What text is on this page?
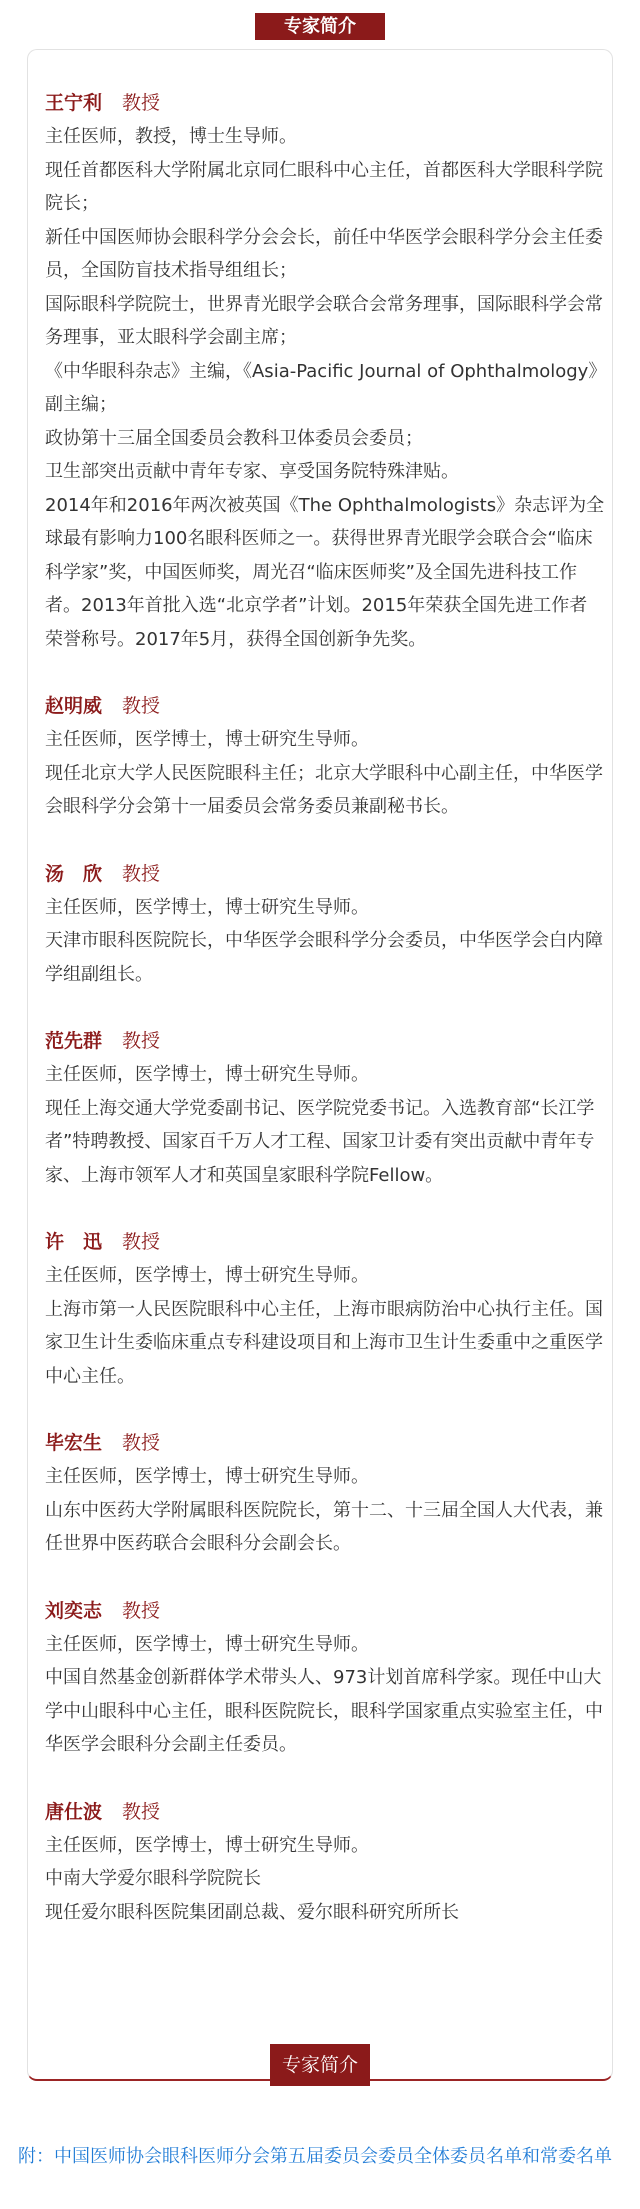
专家简介
王宁利 教授

主任医师，教授，博士生导师。

现任首都医科大学附属北京同仁眼科中心主任，首都医科大学眼科学院院长；

新任中国医师协会眼科学分会会长，前任中华医学会眼科学分会主任委员，全国防盲技术指导组组长；

国际眼科学院院士，世界青光眼学会联合会常务理事，国际眼科学会常务理事，亚太眼科学会副主席；

《中华眼科杂志》主编，《Asia-Pacific Journal of Ophthalmology》副主编；

政协第十三届全国委员会教科卫体委员会委员；

卫生部突出贡献中青年专家、享受国务院特殊津贴。

2014年和2016年两次被英国《The Ophthalmologists》杂志评为全球最有影响力100名眼科医师之一。获得世界青光眼学会联合会“临床科学家”奖，中国医师奖，周光召“临床医师奖”及全国先进科技工作者。2013年首批入选“北京学者”计划。2015年荣获全国先进工作者荣誉称号。2017年5月，获得全国创新争先奖。

赵明威 教授

主任医师，医学博士，博士研究生导师。

现任北京大学人民医院眼科主任；北京大学眼科中心副主任，中华医学会眼科学分会第十一届委员会常务委员兼副秘书长。

汤　欣 教授

主任医师，医学博士，博士研究生导师。

天津市眼科医院院长，中华医学会眼科学分会委员，中华医学会白内障学组副组长。

范先群 教授

主任医师，医学博士，博士研究生导师。

现任上海交通大学党委副书记、医学院党委书记。入选教育部“长江学者”特聘教授、国家百千万人才工程、国家卫计委有突出贡献中青年专家、上海市领军人才和英国皇家眼科学院Fellow。

许　迅 教授

主任医师，医学博士，博士研究生导师。

上海市第一人民医院眼科中心主任，上海市眼病防治中心执行主任。国家卫生计生委临床重点专科建设项目和上海市卫生计生委重中之重医学中心主任。

毕宏生 教授

主任医师，医学博士，博士研究生导师。

山东中医药大学附属眼科医院院长，第十二、十三届全国人大代表，兼任世界中医药联合会眼科分会副会长。

刘奕志 教授

主任医师，医学博士，博士研究生导师。

中国自然基金创新群体学术带头人、973计划首席科学家。现任中山大学中山眼科中心主任，眼科医院院长，眼科学国家重点实验室主任，中华医学会眼科分会副主任委员。

唐仕波 教授

主任医师，医学博士，博士研究生导师。

中南大学爱尔眼科学院院长

现任爱尔眼科医院集团副总裁、爱尔眼科研究所所长

专家简介
附：中国医师协会眼科医师分会第五届委员会委员全体委员名单和常委名单
